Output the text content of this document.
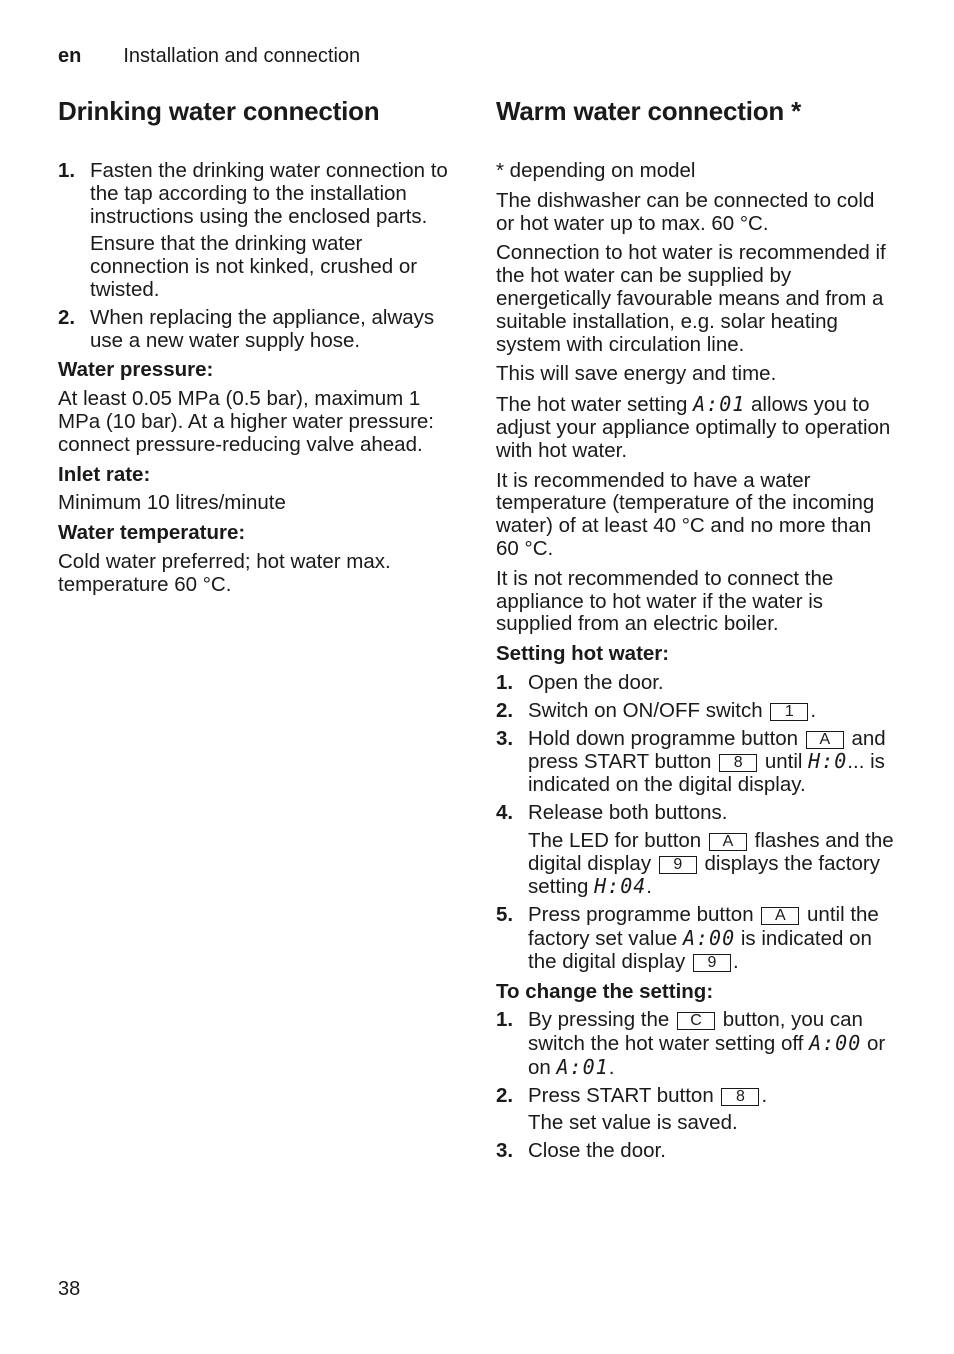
en Installation and connection
Drinking water connection
1. Fasten the drinking water connection to the tap according to the installation instructions using the enclosed parts.

Ensure that the drinking water connection is not kinked, crushed or twisted.

2. When replacing the appliance, always use a new water supply hose.

Water pressure:

At least 0.05 MPa (0.5 bar), maximum 1 MPa (10 bar). At a higher water pressure: connect pressure-reducing valve ahead.

Inlet rate:

Minimum 10 litres/minute

Water temperature:

Cold water preferred; hot water max. temperature 60 °C.

Warm water connection *

* depending on model

The dishwasher can be connected to cold or hot water up to max. 60 °C.

Connection to hot water is recommended if the hot water can be supplied by energetically favourable means and from a suitable installation, e.g. solar heating system with circulation line.

This will save energy and time.

The hot water setting A:01 allows you to adjust your appliance optimally to operation with hot water.

It is recommended to have a water temperature (temperature of the incoming water) of at least 40 °C and no more than 60 °C.

It is not recommended to connect the appliance to hot water if the water is supplied from an electric boiler.

Setting hot water:

1. Open the door.
2. Switch on ON/OFF switch 1 .
3. Hold down programme button A and press START button 8 until H:0... is indicated on the digital display.
4. Release both buttons.

The LED for button A flashes and the digital display 9 displays the factory setting H:04.

5. Press programme button A until the factory set value A:00 is indicated on the digital display 9 .

To change the setting:

1. By pressing the C button, you can switch the hot water setting off A:00 or on A:01.
2. Press START button 8 .

The set value is saved.

3. Close the door.
38
